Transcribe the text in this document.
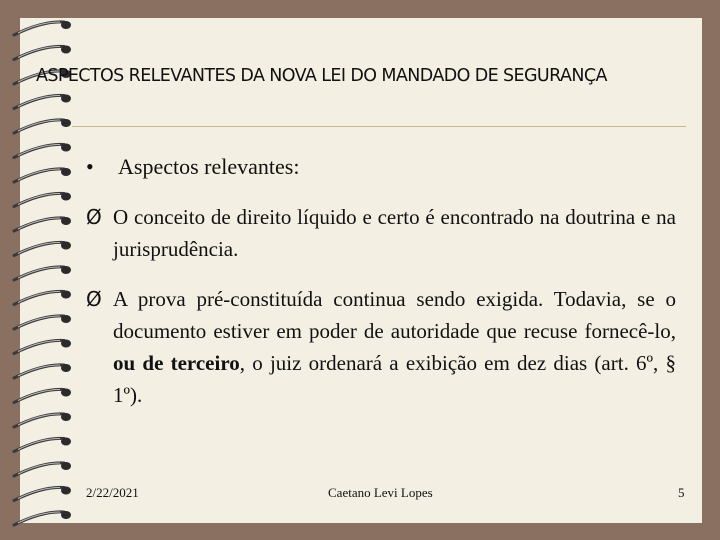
ASPECTOS RELEVANTES DA NOVA LEI DO MANDADO DE SEGURANÇA
• Aspectos relevantes:
Ø O conceito de direito líquido e certo é encontrado na doutrina e na jurisprudência.
Ø A prova pré-constituída continua sendo exigida. Todavia, se o documento estiver em poder de autoridade que recuse fornecê-lo, ou de terceiro, o juiz ordenará a exibição em dez dias (art. 6º, § 1º).
2/22/2021	Caetano Levi Lopes	5
